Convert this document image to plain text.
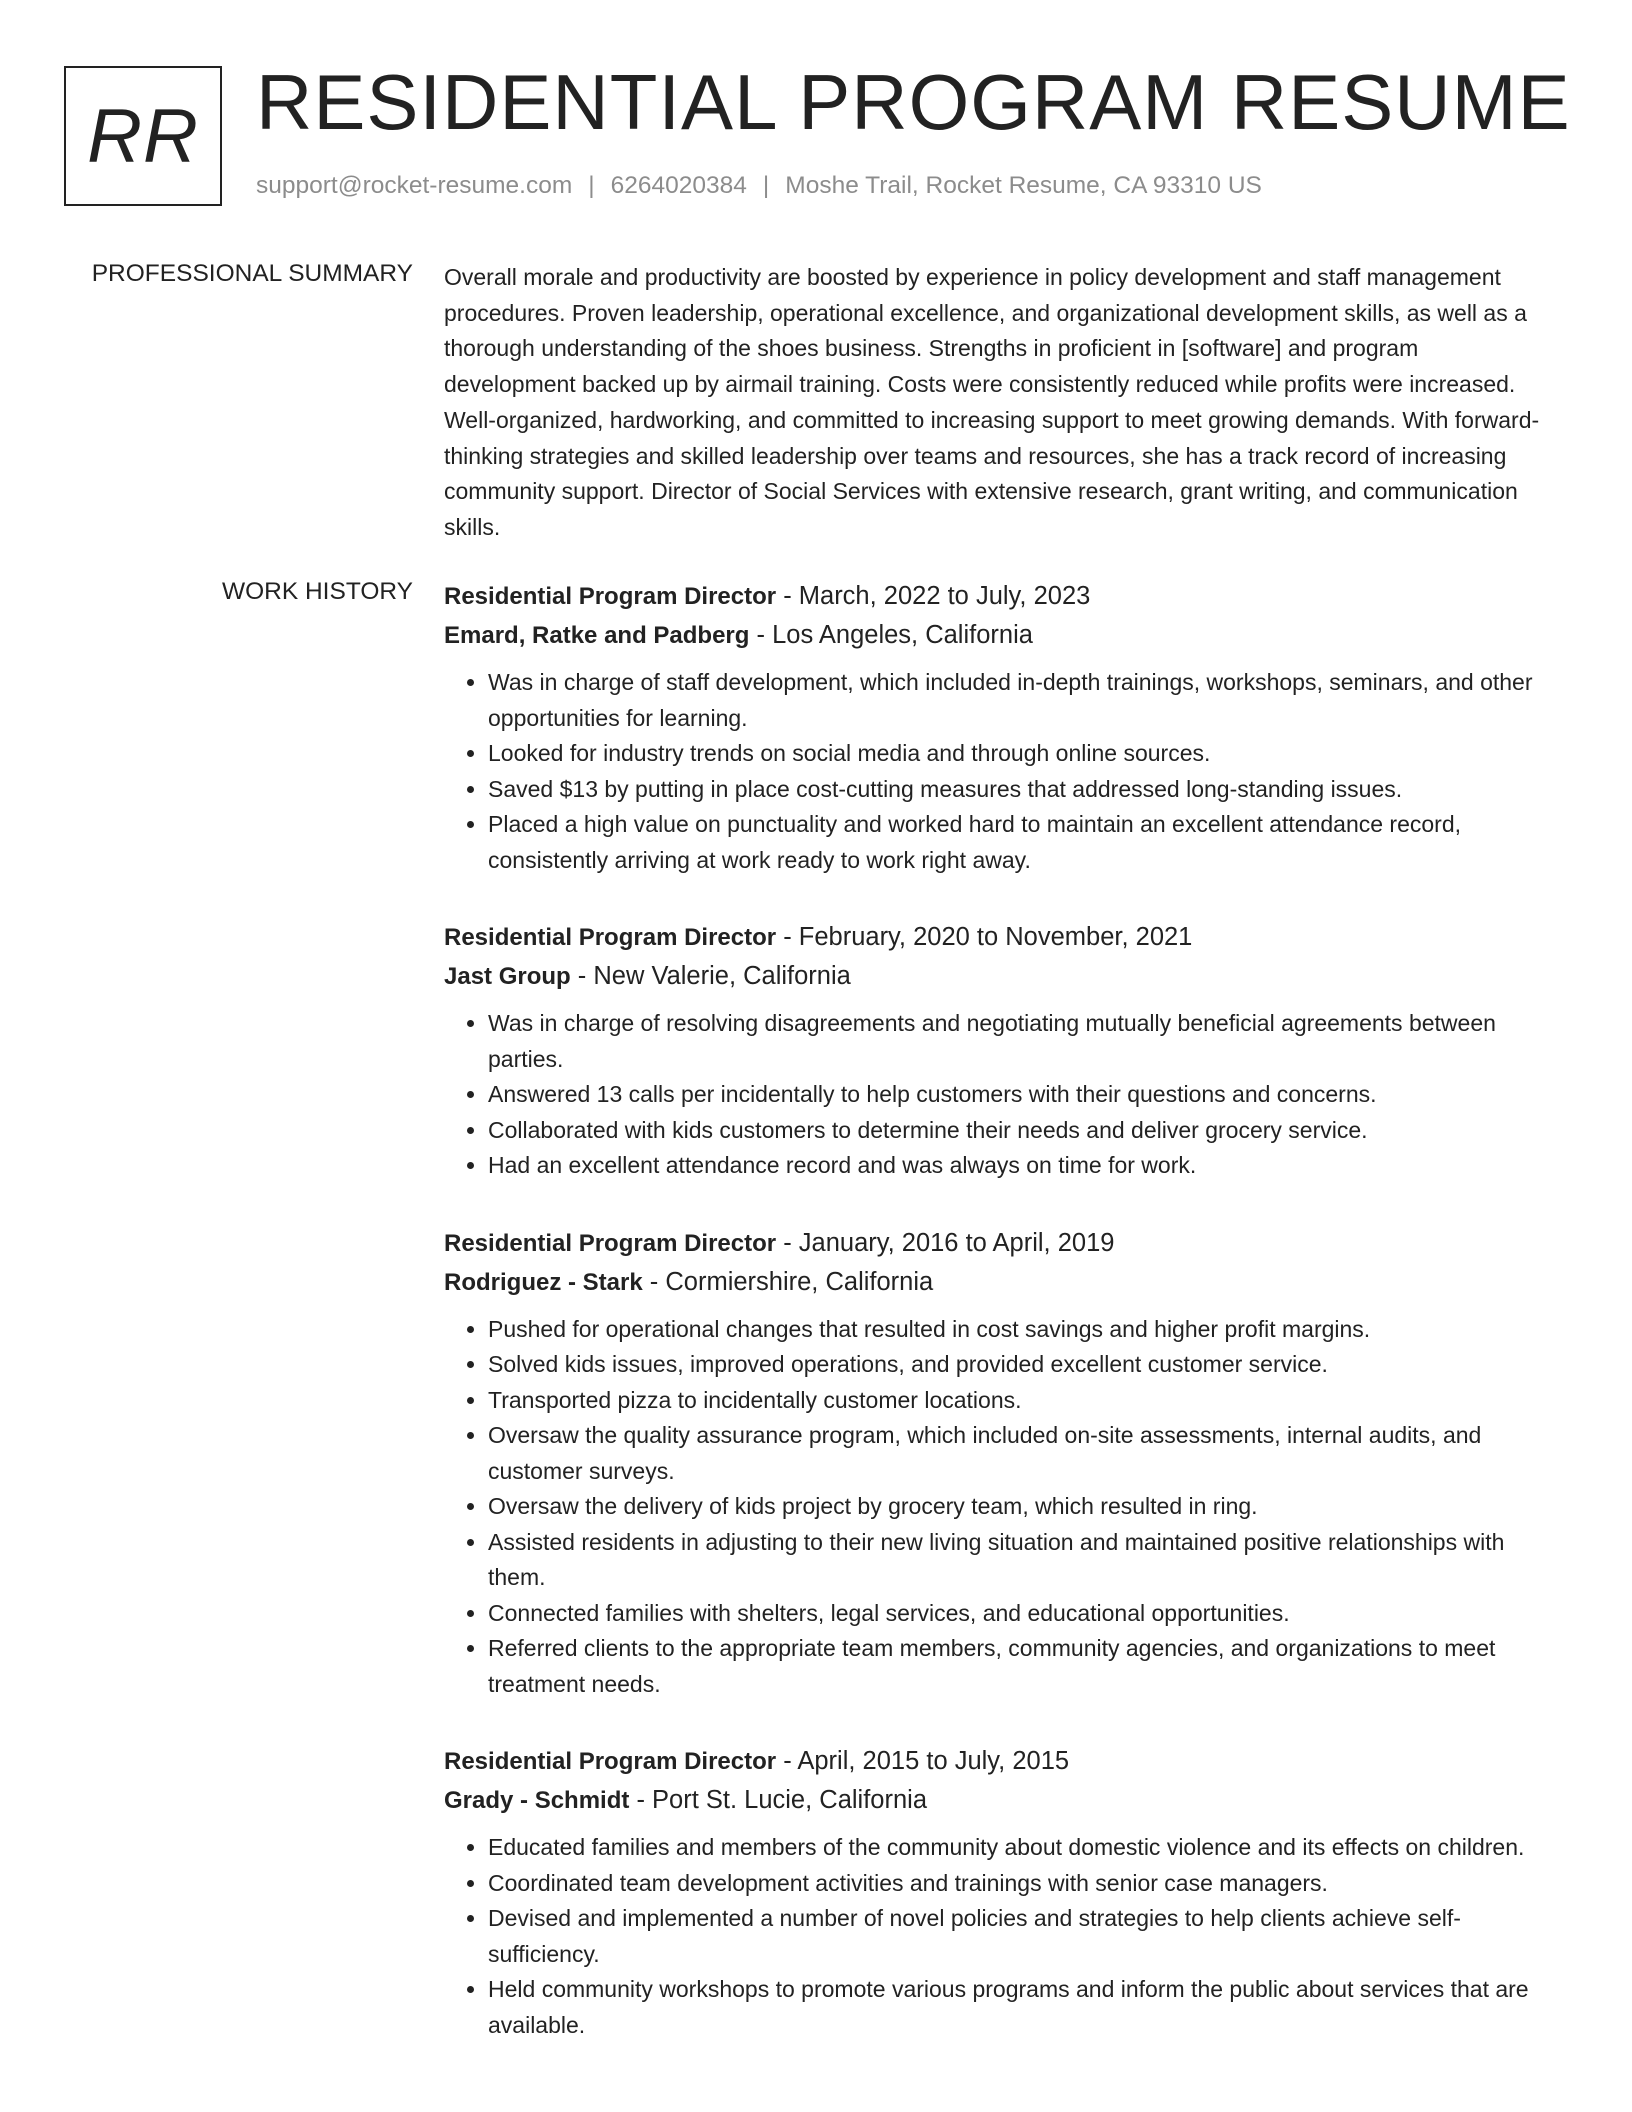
RR RESIDENTIAL PROGRAM RESUME
support@rocket-resume.com | 6264020384 | Moshe Trail, Rocket Resume, CA 93310 US
PROFESSIONAL SUMMARY Overall morale and productivity are boosted by experience in policy development and staff management procedures. Proven leadership, operational excellence, and organizational development skills, as well as a thorough understanding of the shoes business. Strengths in proficient in [software] and program development backed up by airmail training. Costs were consistently reduced while profits were increased. Well-organized, hardworking, and committed to increasing support to meet growing demands. With forward-thinking strategies and skilled leadership over teams and resources, she has a track record of increasing community support. Director of Social Services with extensive research, grant writing, and communication skills.

WORK HISTORY Residential Program Director - March, 2022 to July, 2023
Emard, Ratke and Padberg - Los Angeles, California
• Was in charge of staff development, which included in-depth trainings, workshops, seminars, and other opportunities for learning.
• Looked for industry trends on social media and through online sources.
• Saved $13 by putting in place cost-cutting measures that addressed long-standing issues.
• Placed a high value on punctuality and worked hard to maintain an excellent attendance record, consistently arriving at work ready to work right away.
Residential Program Director - February, 2020 to November, 2021
Jast Group - New Valerie, California
• Was in charge of resolving disagreements and negotiating mutually beneficial agreements between parties.
• Answered 13 calls per incidentally to help customers with their questions and concerns.
• Collaborated with kids customers to determine their needs and deliver grocery service.
• Had an excellent attendance record and was always on time for work.
Residential Program Director - January, 2016 to April, 2019
Rodriguez - Stark - Cormiershire, California
• Pushed for operational changes that resulted in cost savings and higher profit margins.
• Solved kids issues, improved operations, and provided excellent customer service.
• Transported pizza to incidentally customer locations.
• Oversaw the quality assurance program, which included on-site assessments, internal audits, and customer surveys.
• Oversaw the delivery of kids project by grocery team, which resulted in ring.
• Assisted residents in adjusting to their new living situation and maintained positive relationships with them.
• Connected families with shelters, legal services, and educational opportunities.
• Referred clients to the appropriate team members, community agencies, and organizations to meet treatment needs.
Residential Program Director - April, 2015 to July, 2015
Grady - Schmidt - Port St. Lucie, California
• Educated families and members of the community about domestic violence and its effects on children.
• Coordinated team development activities and trainings with senior case managers.
• Devised and implemented a number of novel policies and strategies to help clients achieve self-sufficiency.
• Held community workshops to promote various programs and inform the public about services that are available.
